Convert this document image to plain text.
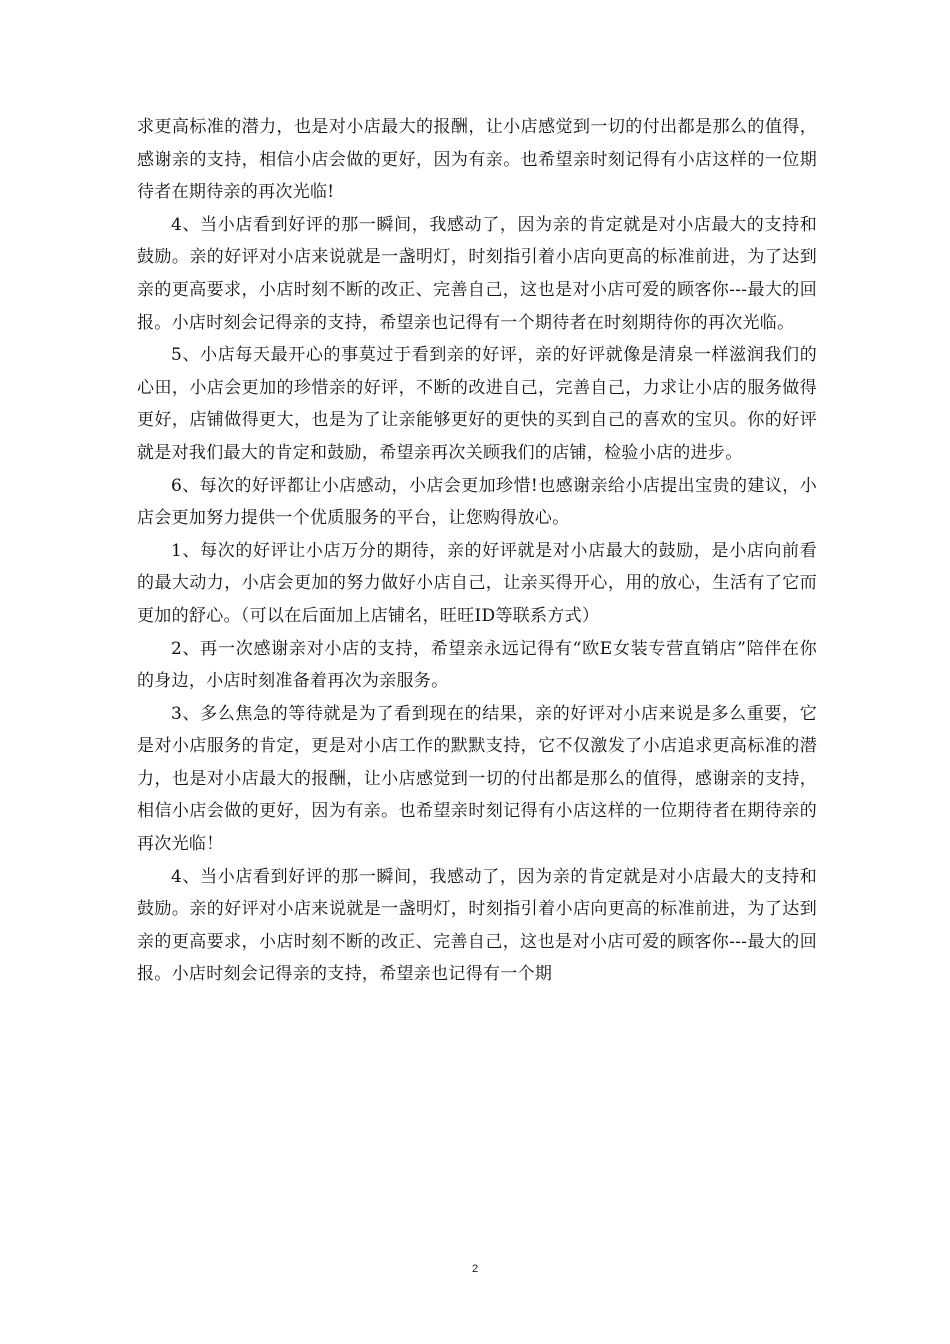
求更高标准的潜力，也是对小店最大的报酬，让小店感觉到一切的付出都是那么的值得，感谢亲的支持，相信小店会做的更好，因为有亲。也希望亲时刻记得有小店这样的一位期待者在期待亲的再次光临!

4、当小店看到好评的那一瞬间，我感动了，因为亲的肯定就是对小店最大的支持和鼓励。亲的好评对小店来说就是一盏明灯，时刻指引着小店向更高的标准前进，为了达到亲的更高要求，小店时刻不断的改正、完善自己，这也是对小店可爱的顾客你---最大的回报。小店时刻会记得亲的支持，希望亲也记得有一个期待者在时刻期待你的再次光临。

5、小店每天最开心的事莫过于看到亲的好评，亲的好评就像是清泉一样滋润我们的心田，小店会更加的珍惜亲的好评，不断的改进自己，完善自己，力求让小店的服务做得更好，店铺做得更大，也是为了让亲能够更好的更快的买到自己的喜欢的宝贝。你的好评就是对我们最大的肯定和鼓励，希望亲再次关顾我们的店铺，检验小店的进步。

6、每次的好评都让小店感动，小店会更加珍惜!也感谢亲给小店提出宝贵的建议，小店会更加努力提供一个优质服务的平台，让您购得放心。

1、每次的好评让小店万分的期待，亲的好评就是对小店最大的鼓励，是小店向前看的最大动力，小店会更加的努力做好小店自己，让亲买得开心，用的放心，生活有了它而更加的舒心。（可以在后面加上店铺名，旺旺ID等联系方式）

2、再一次感谢亲对小店的支持，希望亲永远记得有“欧E女装专营直销店”陪伴在你的身边，小店时刻准备着再次为亲服务。

3、多么焦急的等待就是为了看到现在的结果，亲的好评对小店来说是多么重要，它是对小店服务的肯定，更是对小店工作的默默支持，它不仅激发了小店追求更高标准的潜力，也是对小店最大的报酬，让小店感觉到一切的付出都是那么的值得，感谢亲的支持，相信小店会做的更好，因为有亲。也希望亲时刻记得有小店这样的一位期待者在期待亲的再次光临！

4、当小店看到好评的那一瞬间，我感动了，因为亲的肯定就是对小店最大的支持和鼓励。亲的好评对小店来说就是一盏明灯，时刻指引着小店向更高的标准前进，为了达到亲的更高要求，小店时刻不断的改正、完善自己，这也是对小店可爱的顾客你---最大的回报。小店时刻会记得亲的支持，希望亲也记得有一个期

2
